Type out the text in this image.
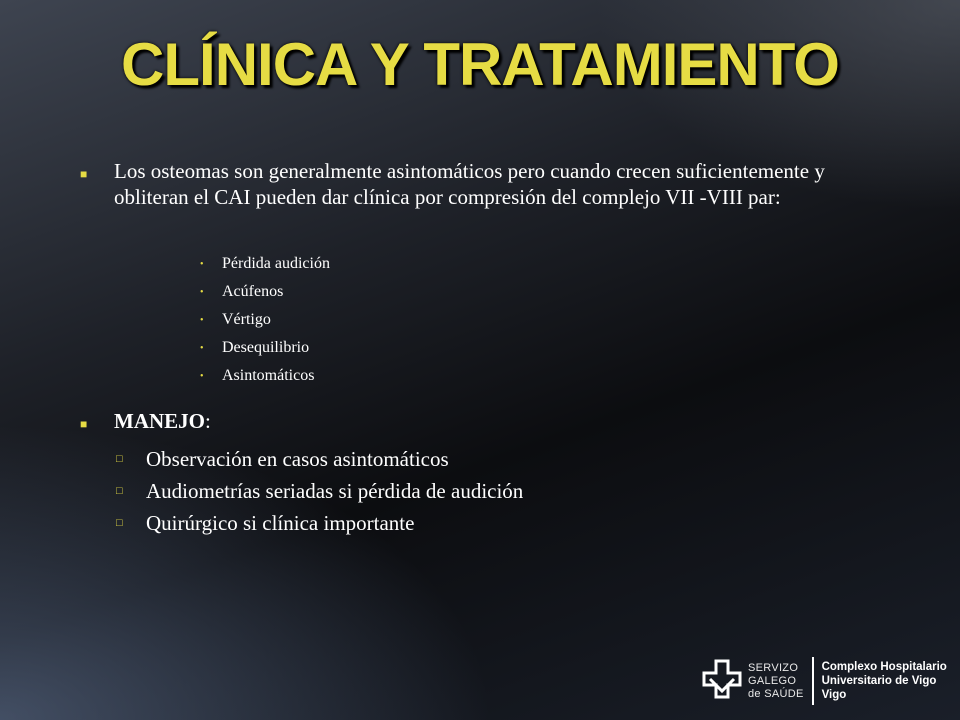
CLÍNICA Y TRATAMIENTO
■
Los osteomas son generalmente asintomáticos pero cuando crecen suficientemente y obliteran el CAI pueden dar clínica por compresión del complejo VII -VIII par:
•
Pérdida audición
•
Acúfenos
•
Vértigo
•
Desequilibrio
•
Asintomáticos
■
MANEJO:
□
Observación en casos asintomáticos
□
Audiometrías seriadas si pérdida de audición
□
Quirúrgico si clínica importante
SERVIZO
GALEGO
de SAÚDE
Complexo Hospitalario
Universitario de Vigo
Vigo
